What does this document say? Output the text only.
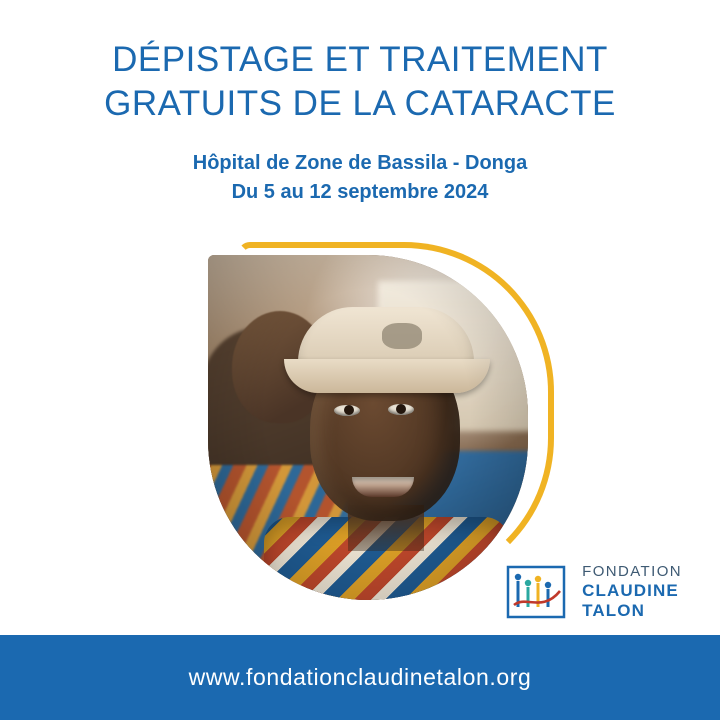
DÉPISTAGE ET TRAITEMENT
GRATUITS DE LA CATARACTE
Hôpital de Zone de Bassila - Donga
Du 5 au 12 septembre 2024
FONDATION
CLAUDINE
TALON
www.fondationclaudinetalon.org
